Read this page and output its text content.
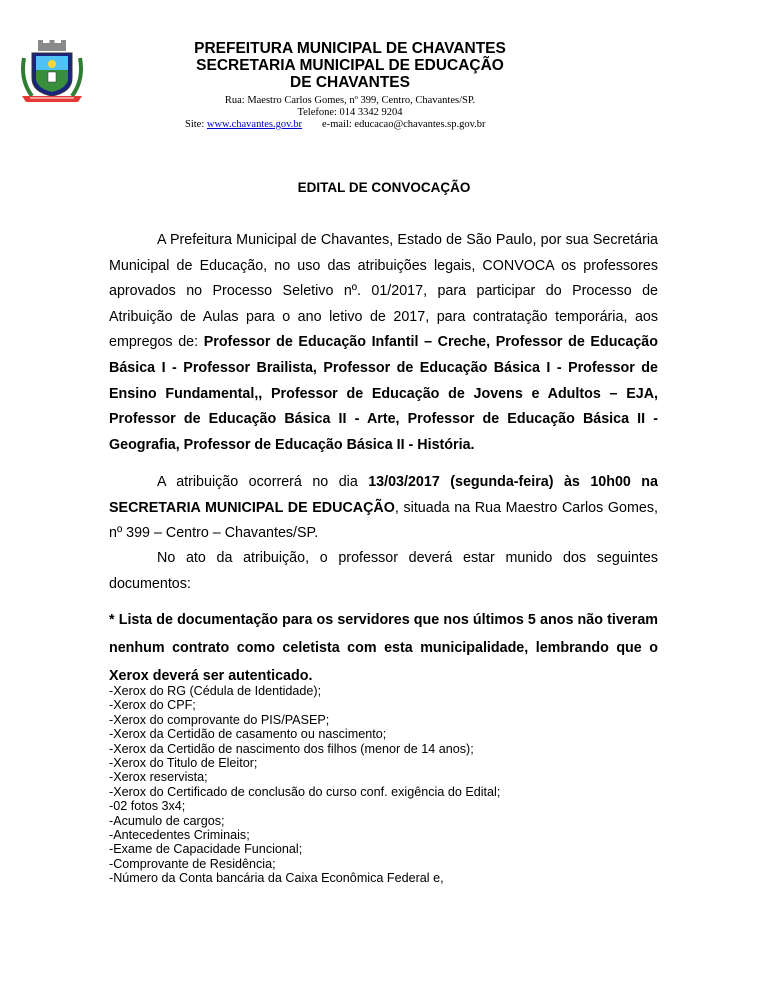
PREFEITURA MUNICIPAL DE CHAVANTES
SECRETARIA MUNICIPAL DE EDUCAÇÃO
DE CHAVANTES
Rua: Maestro Carlos Gomes, nº 399, Centro, Chavantes/SP.
Telefone: 014 3342 9204
Site: www.chavantes.gov.br e-mail: educacao@chavantes.sp.gov.br
EDITAL DE CONVOCAÇÃO
A Prefeitura Municipal de Chavantes, Estado de São Paulo, por sua Secretária Municipal de Educação, no uso das atribuições legais, CONVOCA os professores aprovados no Processo Seletivo nº. 01/2017, para participar do Processo de Atribuição de Aulas para o ano letivo de 2017, para contratação temporária, aos empregos de: Professor de Educação Infantil – Creche, Professor de Educação Básica I - Professor Brailista, Professor de Educação Básica I - Professor de Ensino Fundamental,, Professor de Educação de Jovens e Adultos – EJA, Professor de Educação Básica II - Arte, Professor de Educação Básica II - Geografia, Professor de Educação Básica II - História.
A atribuição ocorrerá no dia 13/03/2017 (segunda-feira) às 10h00 na SECRETARIA MUNICIPAL DE EDUCAÇÃO, situada na Rua Maestro Carlos Gomes, nº 399 – Centro – Chavantes/SP.
No ato da atribuição, o professor deverá estar munido dos seguintes documentos:
* Lista de documentação para os servidores que nos últimos 5 anos não tiveram nenhum contrato como celetista com esta municipalidade, lembrando que o Xerox deverá ser autenticado.
-Xerox do RG (Cédula de Identidade);
-Xerox do CPF;
-Xerox do comprovante do PIS/PASEP;
-Xerox da Certidão de casamento ou nascimento;
-Xerox da Certidão de nascimento dos filhos (menor de 14 anos);
-Xerox do Titulo de Eleitor;
-Xerox reservista;
-Xerox do Certificado de conclusão do curso conf. exigência do Edital;
-02 fotos 3x4;
-Acumulo de cargos;
-Antecedentes Criminais;
-Exame de Capacidade Funcional;
-Comprovante de Residência;
-Número da Conta bancária da Caixa Econômica Federal e,
